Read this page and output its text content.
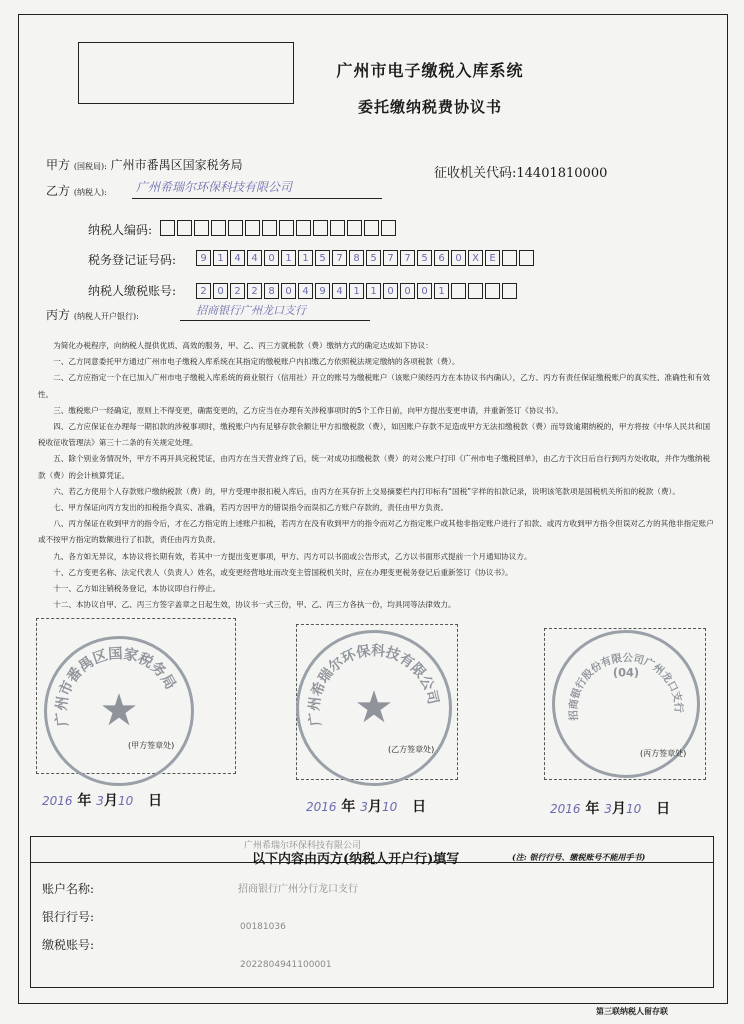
广州市电子缴税入库系统
委托缴纳税费协议书
甲方 (国税局): 广州市番禺区国家税务局
征收机关代码:14401810000
乙方 (纳税人): 广州希瑞尔环保科技有限公司
纳税人编码:
税务登记证号码:	9	1	4	4	0	1	1	5	7	8	5	7	7	5	6	0	X	E
纳税人缴税账号:	2	0	2	2	8	0	4	9	4	1	1	0	0	0	1
丙方 (纳税人开户银行):	招商银行广州龙口支行

为简化办税程序，向纳税人提供优质、高效的服务，甲、乙、丙三方就税款（费）缴纳方式的确定达成如下协议：

一、乙方同意委托甲方通过广州市电子缴税入库系统在其指定的缴税账户内扣缴乙方依照税法规定缴纳的各项税款（费）。

二、乙方应指定一个在已加入广州市电子缴税入库系统的商业银行（信用社）开立的账号为缴税账户（该账户须经丙方在本协议书内确认），乙方、丙方有责任保证缴税账户的真实性、准确性和有效性。

三、缴税账户一经确定，原则上不得变更，确需变更的，乙方应当在办理有关涉税事项时的5个工作日前，向甲方提出变更申请，并重新签订《协议书》。

四、乙方应保证在办理每一期扣款的涉税事项时，缴税账户内有足够存款余额让甲方扣缴税款（费），如因账户存款不足造成甲方无法扣缴税款（费）而导致逾期纳税的，甲方将按《中华人民共和国税收征收管理法》第三十二条的有关规定处理。

五、除个别业务情况外，甲方不再开具完税凭证，由丙方在当天营业终了后，统一对成功扣缴税款（费）的对公账户打印《广州市电子缴税回单》，由乙方于次日后自行到丙方处收取，并作为缴纳税款（费）的会计核算凭证。

六、若乙方使用个人存款账户缴纳税款（费）的，甲方受理申报扣税入库后，由丙方在其存折上交易摘要栏内打印标有“国税”字样的扣款记录，说明该笔款项是国税机关所扣的税款（费）。

七、甲方保证向丙方发出的扣税指令真实、准确，若丙方因甲方的错误指令而误扣乙方账户存款的，责任由甲方负责。

八、丙方保证在收到甲方的指令后，才在乙方指定的上述账户扣税，若丙方在没有收到甲方的指令而对乙方指定账户或其他非指定账户进行了扣款、或丙方收到甲方指令但误对乙方的其他非指定账户或不按甲方指定的数额进行了扣款，责任由丙方负责。

九、各方如无异议，本协议将长期有效，若其中一方提出变更事项，甲方、丙方可以书面或公告形式，乙方以书面形式提前一个月通知协议方。

十、乙方变更名称、法定代表人（负责人）姓名，或变更经营地址而改变主管国税机关时，应在办理变更税务登记后重新签订《协议书》。

十一、乙方如注销税务登记，本协议即自行停止。

十二、本协议自甲、乙、丙三方签字盖章之日起生效，协议书一式三份，甲、乙、丙三方各执一份，均具同等法律效力。

广州市番禺区国家税务局
★
(甲方签章处)
广州希瑞尔环保科技有限公司
★
(乙方签章处)
招商银行股份有限公司广州龙口支行
(04)
(丙方签章处)
2016 年 3月10 日	2016 年 3月10 日	2016 年 3月10 日
广州希瑞尔环保科技有限公司
以下内容由丙方(纳税人开户行)填写	(注: 银行行号、缴税账号不能用手书)
账户名称:	招商银行广州分行龙口支行
银行行号:
00181036
缴税账号:
2022804941100001
第三联纳税人留存联
